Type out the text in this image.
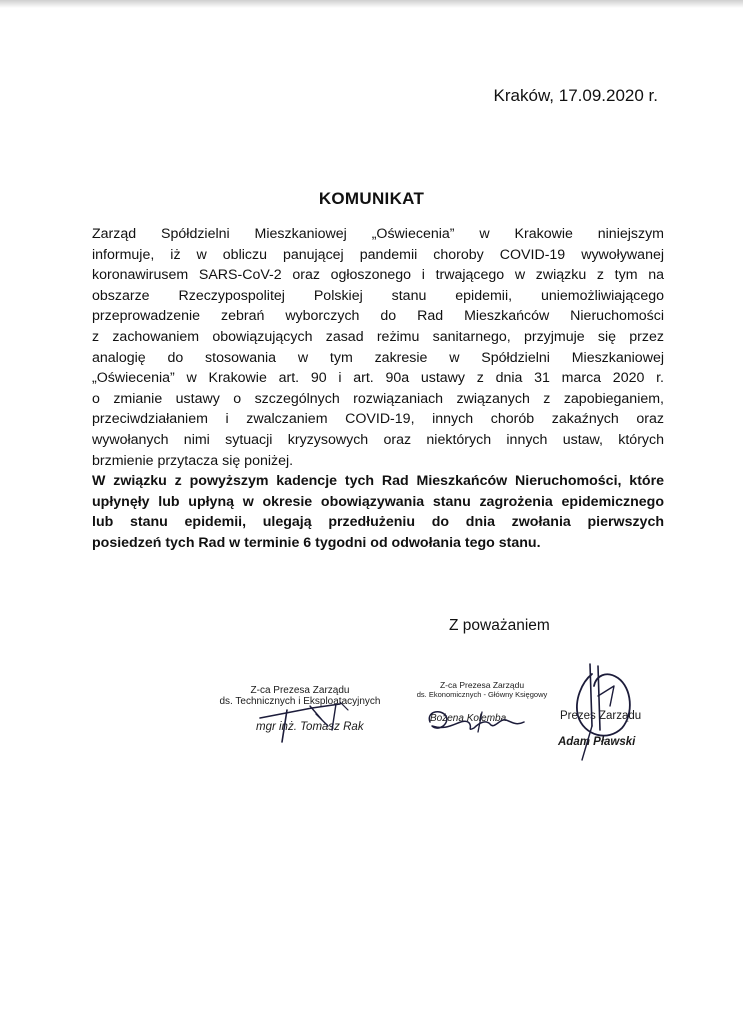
Kraków, 17.09.2020 r.
KOMUNIKAT
Zarząd Spółdzielni Mieszkaniowej „Oświecenia” w Krakowie niniejszym
informuje, iż w obliczu panującej pandemii choroby COVID-19 wywoływanej
koronawirusem SARS-CoV-2 oraz ogłoszonego i trwającego w związku z tym na
obszarze Rzeczypospolitej Polskiej stanu epidemii, uniemożliwiającego
przeprowadzenie zebrań wyborczych do Rad Mieszkańców Nieruchomości
z zachowaniem obowiązujących zasad reżimu sanitarnego, przyjmuje się przez
analogię do stosowania w tym zakresie w Spółdzielni Mieszkaniowej
„Oświecenia” w Krakowie art. 90 i art. 90a ustawy z dnia 31 marca 2020 r.
o zmianie ustawy o szczególnych rozwiązaniach związanych z zapobieganiem,
przeciwdziałaniem i zwalczaniem COVID-19, innych chorób zakaźnych oraz
wywołanych nimi sytuacji kryzysowych oraz niektórych innych ustaw, których
brzmienie przytacza się poniżej.
W związku z powyższym kadencje tych Rad Mieszkańców Nieruchomości, które
upłynęły lub upłyną w okresie obowiązywania stanu zagrożenia epidemicznego
lub stanu epidemii, ulegają przedłużeniu do dnia zwołania pierwszych
posiedzeń tych Rad w terminie 6 tygodni od odwołania tego stanu.
Z poważaniem
Z-ca Prezesa Zarządu
ds. Technicznych i Eksploatacyjnych
mgr inż. Tomasz Rak
Z-ca Prezesa Zarządu
ds. Ekonomicznych - Główny Księgowy
Bożena Kolemba	Prezes Zarządu
Adam Pławski
